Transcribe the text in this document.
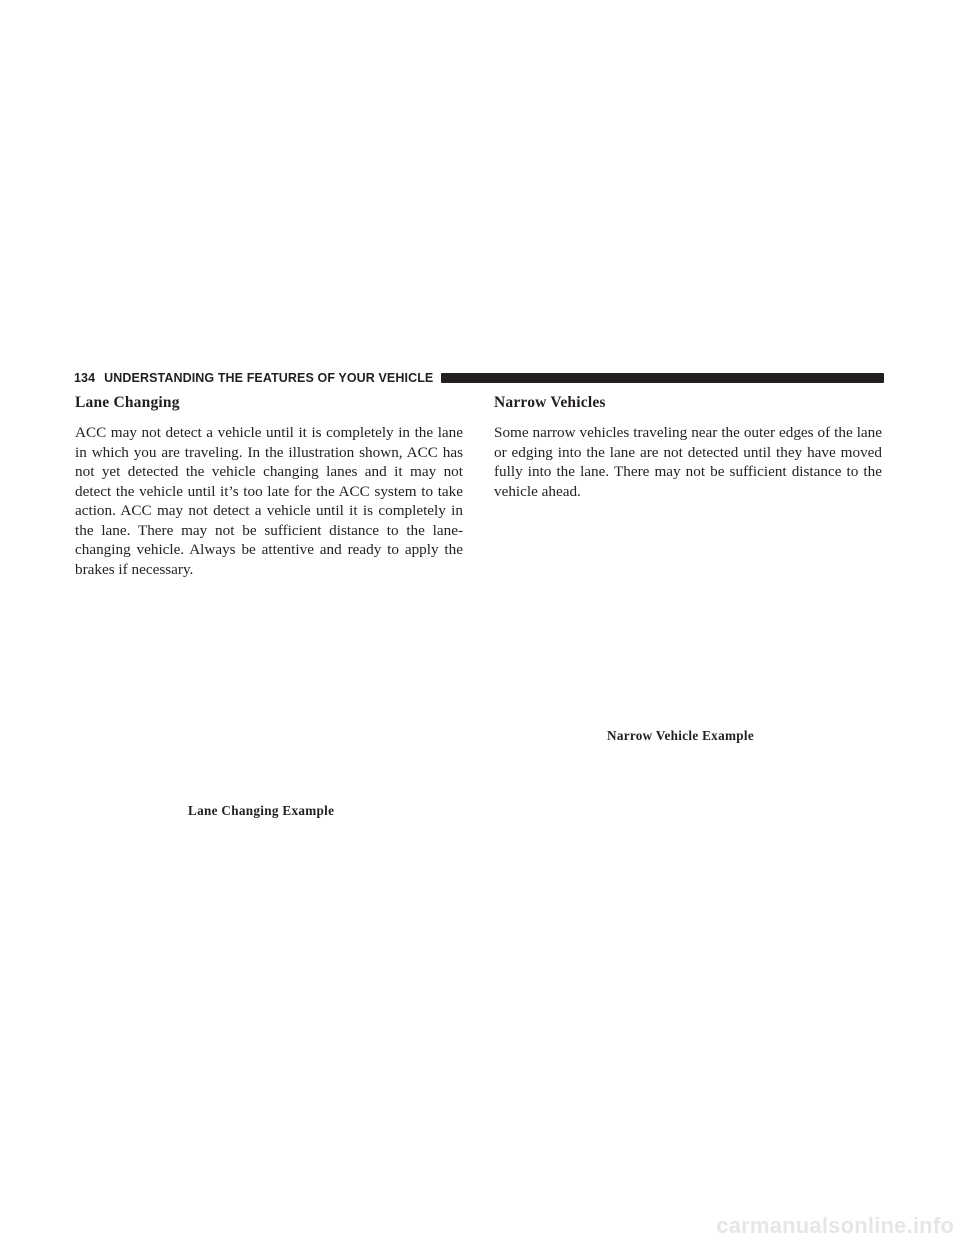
134 UNDERSTANDING THE FEATURES OF YOUR VEHICLE
Lane Changing

ACC may not detect a vehicle until it is completely in the lane in which you are traveling. In the illustration shown, ACC has not yet detected the vehicle changing lanes and it may not detect the vehicle until it’s too late for the ACC system to take action. ACC may not detect a vehicle until it is completely in the lane. There may not be sufficient distance to the lane-changing vehicle. Always be attentive and ready to apply the brakes if necessary.

Narrow Vehicles

Some narrow vehicles traveling near the outer edges of the lane or edging into the lane are not detected until they have moved fully into the lane. There may not be sufficient distance to the vehicle ahead.

Lane Changing Example
Narrow Vehicle Example
carmanualsonline.info
